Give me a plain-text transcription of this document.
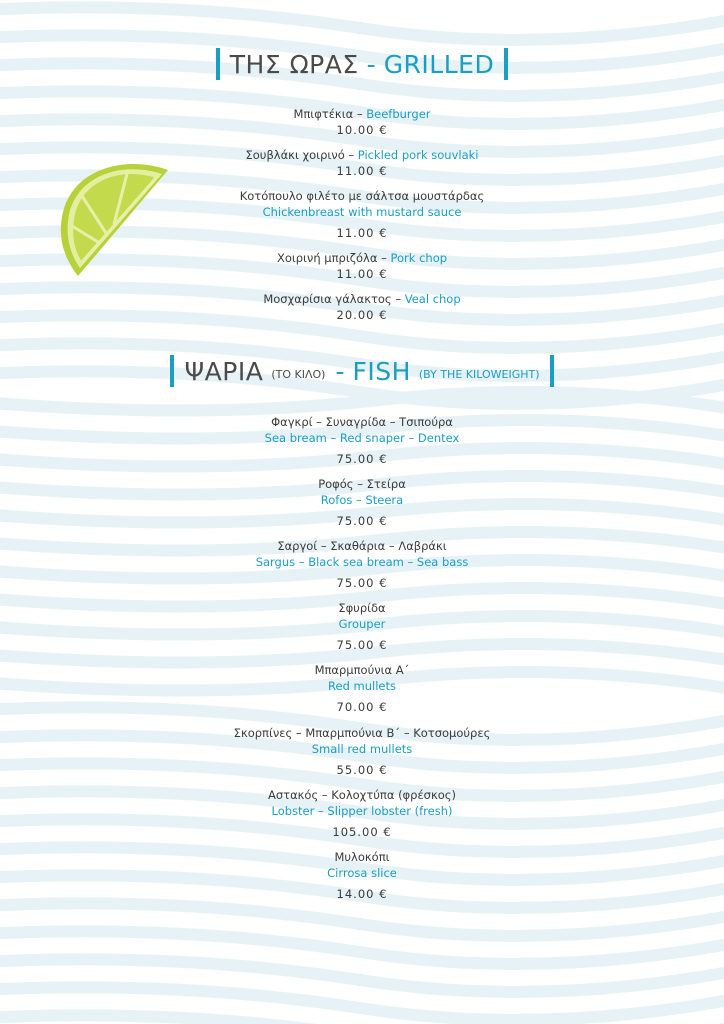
ΤΗΣ ΩΡΑΣ - GRILLED
Μπιφτέκια – Beefburger
10.00 €
Σουβλάκι χοιρινό – Pickled pork souvlaki
11.00 €
Κοτόπουλο φιλέτο με σάλτσα μουστάρδας
Chickenbreast with mustard sauce
11.00 €
Χοιρινή μπριζόλα – Pork chop
11.00 €
Μοσχαρίσια γάλακτος – Veal chop
20.00 €
ΨΑΡΙΑ (ΤΟ ΚΙΛΟ) - FISH (BY THE KILOWEIGHT)
Φαγκρί – Συναγρίδα – Τσιπούρα
Sea bream – Red snaper – Dentex
75.00 €
Ροφός – Στείρα
Rofos – Steera
75.00 €
Σαργοί – Σκαθάρια – Λαβράκι
Sargus – Black sea bream – Sea bass
75.00 €
Σφυρίδα
Grouper
75.00 €
Μπαρμπούνια Α΄
Red mullets
70.00 €
Σκορπίνες – Μπαρμπούνια Β΄ – Κοτσομούρες
Small red mullets
55.00 €
Αστακός – Κολοχτύπα (φρέσκος)
Lobster – Slipper lobster (fresh)
105.00 €
Μυλοκόπι
Cirrosa slice
14.00 €
